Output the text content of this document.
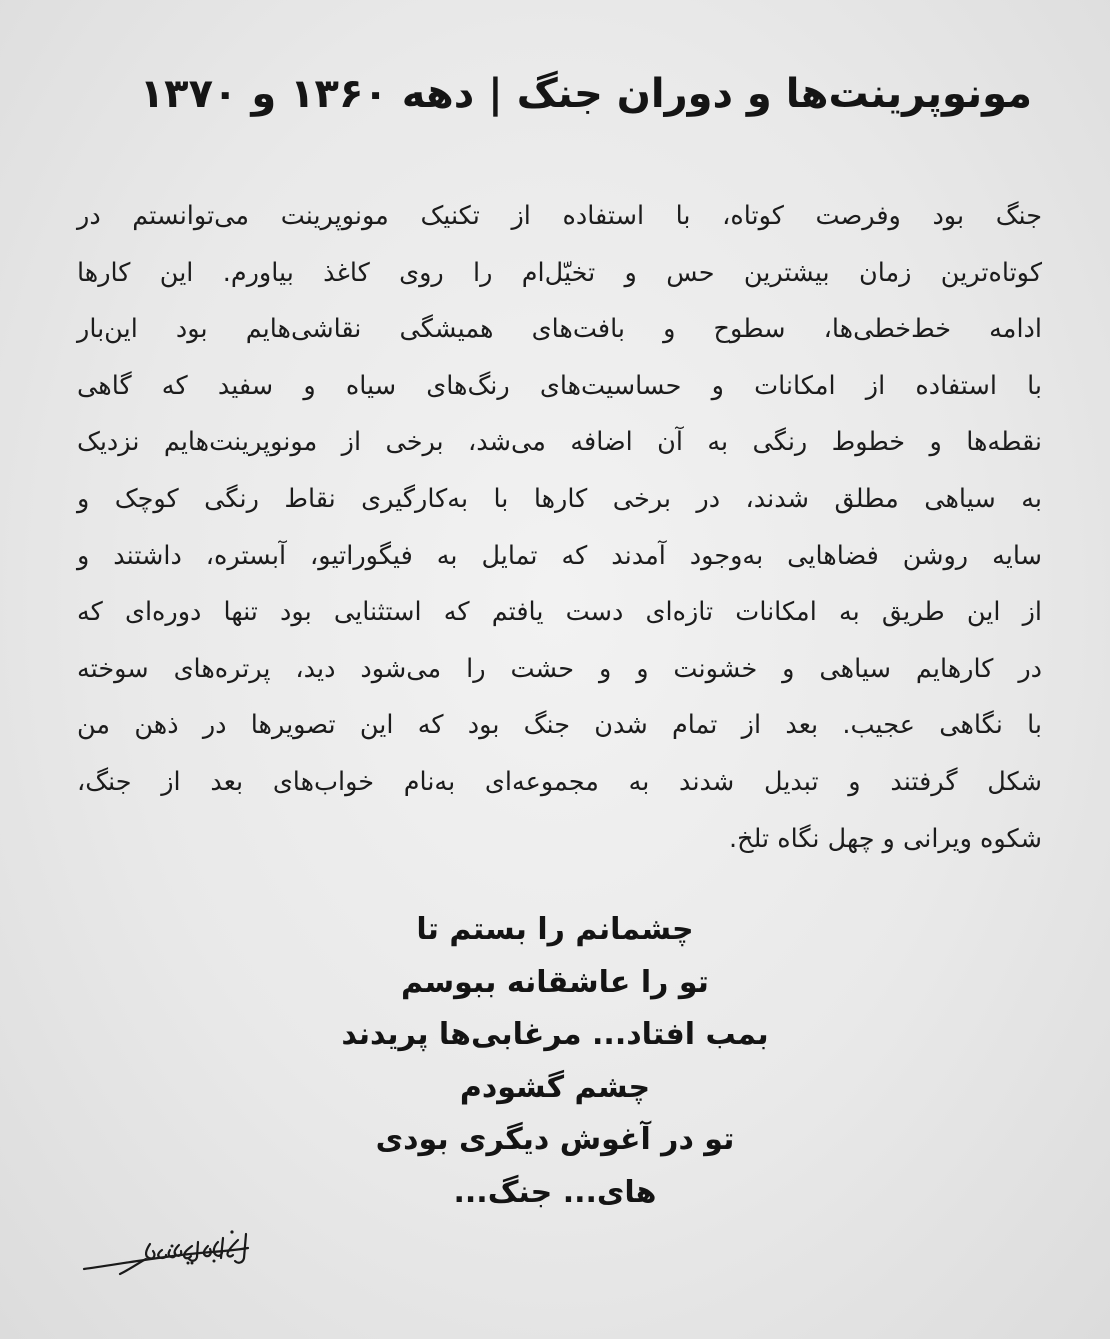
مونوپرینت‌ها و دوران جنگ | دهه ۱۳۶۰ و ۱۳۷۰
جنگ بود وفرصت کوتاه، با استفاده از تکنیک مونوپرینت می‌توانستم در
کوتاه‌ترین زمان بیشترین حس و تخیّل‌ام را روی کاغذ بیاورم. این کارها
ادامه خط‌خطی‌ها، سطوح و بافت‌های همیشگی نقاشی‌هایم بود این‌بار
با استفاده از امکانات و حساسیت‌های رنگ‌های سیاه و سفید که گاهی
نقطه‌ها و خطوط رنگی به آن اضافه می‌شد، برخی از مونوپرینت‌هایم نزدیک
به سیاهی مطلق شدند، در برخی کارها با به‌کارگیری نقاط رنگی کوچک و
سایه روشن فضاهایی به‌وجود آمدند که تمایل به فیگوراتیو، آبستره، داشتند و
از این طریق به امکانات تازه‌ای دست یافتم که استثنایی بود تنها دوره‌ای که
در کارهایم سیاهی و خشونت و و حشت را می‌شود دید، پرتره‌های سوخته
با نگاهی عجیب. بعد از تمام شدن جنگ بود که این تصویرها در ذهن من
شکل گرفتند و تبدیل شدند به مجموعه‌ای به‌نام خواب‌های بعد از جنگ،
شکوه ویرانی و چهل نگاه تلخ.
چشمانم را بستم تا
تو را عاشقانه ببوسم
بمب افتاد... مرغابی‌ها پریدند
چشم گشودم
تو در آغوش دیگری بودی
های... جنگ...
